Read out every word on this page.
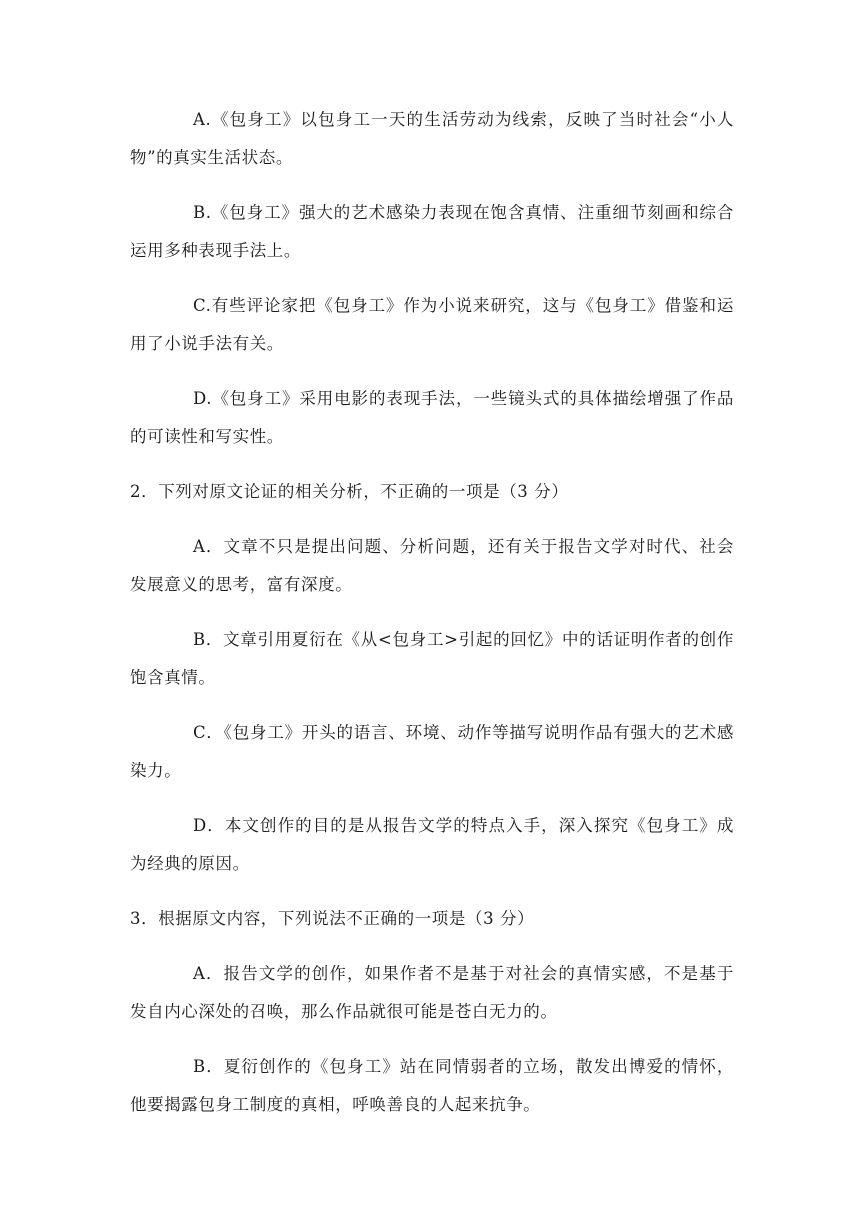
A.《包身工》以包身工一天的生活劳动为线索，反映了当时社会“小人物”的真实生活状态。

B.《包身工》强大的艺术感染力表现在饱含真情、注重细节刻画和综合运用多种表现手法上。

C.有些评论家把《包身工》作为小说来研究，这与《包身工》借鉴和运用了小说手法有关。

D.《包身工》采用电影的表现手法，一些镜头式的具体描绘增强了作品的可读性和写实性。

2．下列对原文论证的相关分析，不正确的一项是（3 分）

A．文章不只是提出问题、分析问题，还有关于报告文学对时代、社会发展意义的思考，富有深度。

B．文章引用夏衍在《从<包身工>引起的回忆》中的话证明作者的创作饱含真情。

C．《包身工》开头的语言、环境、动作等描写说明作品有强大的艺术感染力。

D．本文创作的目的是从报告文学的特点入手，深入探究《包身工》成为经典的原因。

3．根据原文内容，下列说法不正确的一项是（3 分）

A．报告文学的创作，如果作者不是基于对社会的真情实感，不是基于发自内心深处的召唤，那么作品就很可能是苍白无力的。

B．夏衍创作的《包身工》站在同情弱者的立场，散发出博爱的情怀，他要揭露包身工制度的真相，呼唤善良的人起来抗争。
